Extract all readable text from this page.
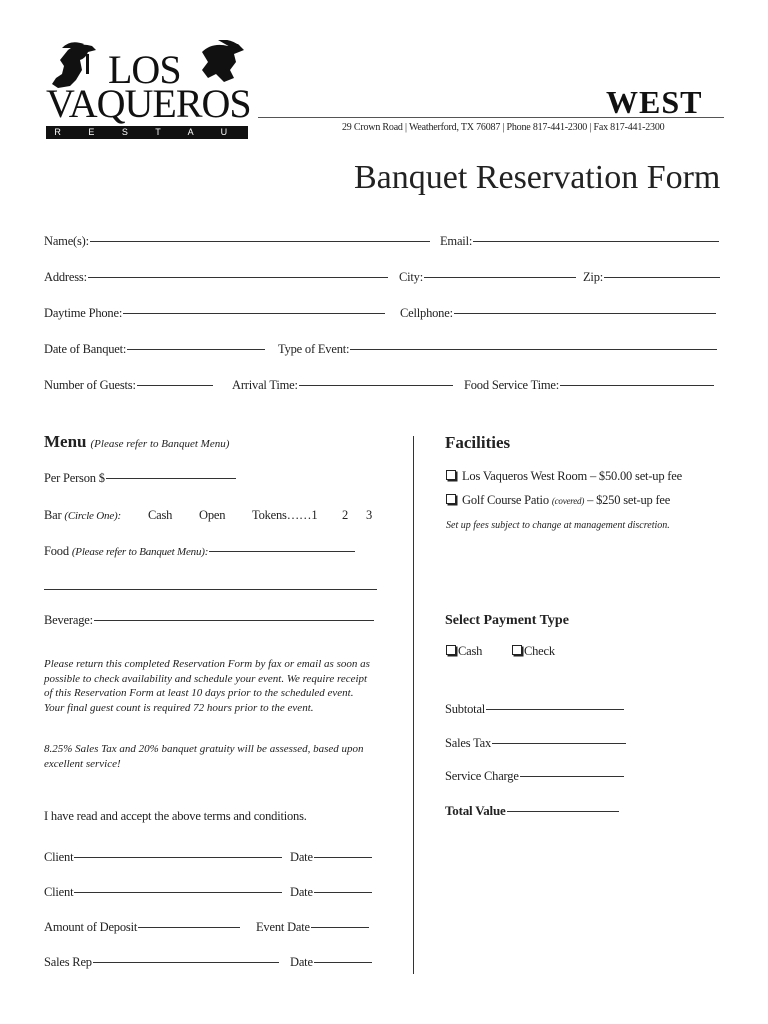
LOS
VAQUEROS
R E S T A U R A N T
WEST
29 Crown Road | Weatherford, TX 76087 | Phone 817-441-2300 | Fax 817-441-2300
Banquet Reservation Form
Name(s):	Email:
Address:	City:	Zip:
Daytime Phone:	Cellphone:
Date of Banquet:	Type of Event:
Number of Guests:	Arrival Time:	Food Service Time:
Menu (Please refer to Banquet Menu)
Per Person $
Bar (Circle One): Cash Open Tokens……1 2 3
Food (Please refer to Banquet Menu):
Beverage:
Please return this completed Reservation Form by fax or email as soon as possible to check availability and schedule your event. We require receipt of this Reservation Form at least 10 days prior to the scheduled event. Your final guest count is required 72 hours prior to the event.
8.25% Sales Tax and 20% banquet gratuity will be assessed, based upon excellent service!
I have read and accept the above terms and conditions.
Client	Date
Client	Date
Amount of Deposit	Event Date
Sales Rep	Date
Facilities
Los Vaqueros West Room – $50.00 set-up fee
Golf Course Patio (covered) – $250 set-up fee
Set up fees subject to change at management discretion.
Select Payment Type
Cash	Check
Subtotal
Sales Tax
Service Charge
Total Value
